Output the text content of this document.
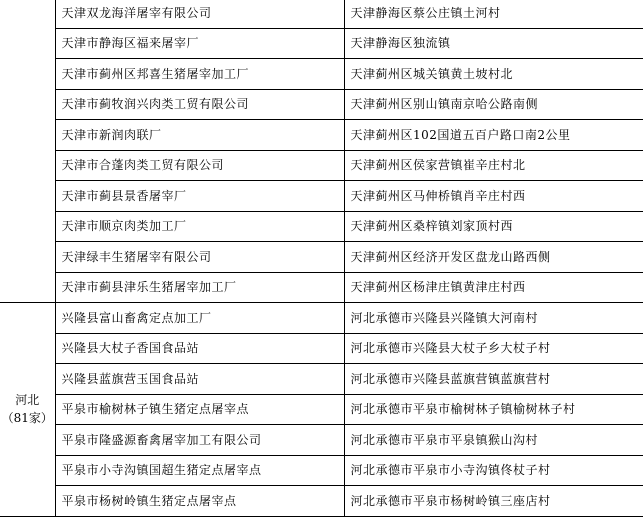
	天津双龙海洋屠宰有限公司	天津静海区蔡公庄镇土河村
	天津市静海区福来屠宰厂	天津静海区独流镇
	天津市蓟州区邦喜生猪屠宰加工厂	天津蓟州区城关镇黄土坡村北
	天津市蓟牧润兴肉类工贸有限公司	天津蓟州区别山镇南京哈公路南侧
	天津市新润肉联厂	天津蓟州区102国道五百户路口南2公里
	天津市合蓬肉类工贸有限公司	天津蓟州区侯家营镇崔辛庄村北
	天津市蓟县景香屠宰厂	天津蓟州区马伸桥镇肖辛庄村西
	天津市顺京肉类加工厂	天津蓟州区桑梓镇刘家顶村西
	天津绿丰生猪屠宰有限公司	天津蓟州区经济开发区盘龙山路西侧
	天津市蓟县津乐生猪屠宰加工厂	天津蓟州区杨津庄镇黄津庄村西

河北
（81家）	兴隆县富山畜禽定点加工厂	河北承德市兴隆县兴隆镇大河南村
	兴隆县大杖子香国食品站	河北承德市兴隆县大杖子乡大杖子村
	兴隆县蓝旗营玉国食品站	河北承德市兴隆县蓝旗营镇蓝旗营村
	平泉市榆树林子镇生猪定点屠宰点	河北承德市平泉市榆树林子镇榆树林子村
	平泉市隆盛源畜禽屠宰加工有限公司	河北承德市平泉市平泉镇猴山沟村
	平泉市小寺沟镇国超生猪定点屠宰点	河北承德市平泉市小寺沟镇佟杖子村
	平泉市杨树岭镇生猪定点屠宰点	河北承德市平泉市杨树岭镇三座店村
